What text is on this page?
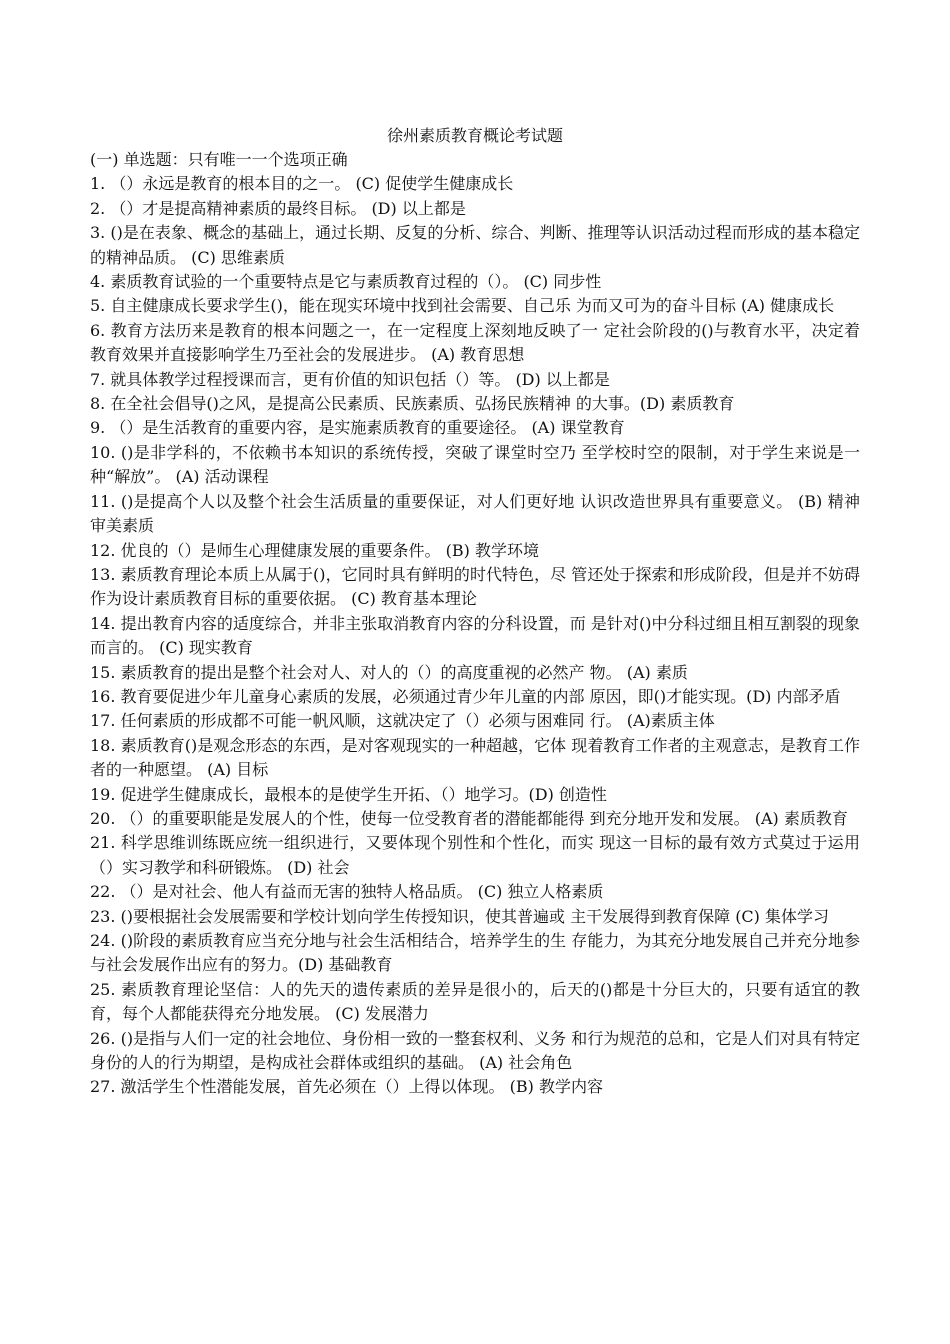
徐州素质教育概论考试题

(一) 单选题：只有唯一一个选项正确

1. （）永远是教育的根本目的之一。 (C) 促使学生健康成长

2. （）才是提高精神素质的最终目标。 (D) 以上都是

3. ()是在表象、概念的基础上，通过长期、反复的分析、综合、判断、推理等认识活动过程而形成的基本稳定的精神品质。 (C) 思维素质

4. 素质教育试验的一个重要特点是它与素质教育过程的（）。 (C) 同步性

5. 自主健康成长要求学生()，能在现实环境中找到社会需要、自己乐 为而又可为的奋斗目标 (A) 健康成长

6. 教育方法历来是教育的根本问题之一，在一定程度上深刻地反映了一 定社会阶段的()与教育水平，决定着教育效果并直接影响学生乃至社会的发展进步。 (A) 教育思想

7. 就具体教学过程授课而言，更有价值的知识包括（）等。 (D) 以上都是

8. 在全社会倡导()之风，是提高公民素质、民族素质、弘扬民族精神 的大事。(D) 素质教育

9. （）是生活教育的重要内容，是实施素质教育的重要途径。 (A) 课堂教育

10. ()是非学科的，不依赖书本知识的系统传授，突破了课堂时空乃 至学校时空的限制，对于学生来说是一种“解放”。 (A) 活动课程

11. ()是提高个人以及整个社会生活质量的重要保证，对人们更好地 认识改造世界具有重要意义。 (B) 精神审美素质

12. 优良的（）是师生心理健康发展的重要条件。 (B) 教学环境

13. 素质教育理论本质上从属于()，它同时具有鲜明的时代特色，尽 管还处于探索和形成阶段，但是并不妨碍作为设计素质教育目标的重要依据。 (C) 教育基本理论

14. 提出教育内容的适度综合，并非主张取消教育内容的分科设置，而 是针对()中分科过细且相互割裂的现象而言的。 (C) 现实教育

15. 素质教育的提出是整个社会对人、对人的（）的高度重视的必然产 物。 (A) 素质

16. 教育要促进少年儿童身心素质的发展，必须通过青少年儿童的内部 原因，即()才能实现。(D) 内部矛盾

17. 任何素质的形成都不可能一帆风顺，这就决定了（）必须与困难同 行。 (A)素质主体

18. 素质教育()是观念形态的东西，是对客观现实的一种超越，它体 现着教育工作者的主观意志，是教育工作者的一种愿望。 (A) 目标

19. 促进学生健康成长，最根本的是使学生开拓、（）地学习。(D) 创造性

20. （）的重要职能是发展人的个性，使每一位受教育者的潜能都能得 到充分地开发和发展。 (A) 素质教育

21. 科学思维训练既应统一组织进行，又要体现个别性和个性化，而实 现这一目标的最有效方式莫过于运用（）实习教学和科研锻炼。 (D) 社会

22. （）是对社会、他人有益而无害的独特人格品质。 (C) 独立人格素质

23. ()要根据社会发展需要和学校计划向学生传授知识，使其普遍或 主干发展得到教育保障 (C) 集体学习

24. ()阶段的素质教育应当充分地与社会生活相结合，培养学生的生 存能力，为其充分地发展自己并充分地参与社会发展作出应有的努力。(D) 基础教育

25. 素质教育理论坚信：人的先天的遗传素质的差异是很小的，后天的()都是十分巨大的，只要有适宜的教育，每个人都能获得充分地发展。 (C) 发展潜力

26. ()是指与人们一定的社会地位、身份相一致的一整套权利、义务 和行为规范的总和，它是人们对具有特定身份的人的行为期望，是构成社会群体或组织的基础。 (A) 社会角色

27. 激活学生个性潜能发展，首先必须在（）上得以体现。 (B) 教学内容
